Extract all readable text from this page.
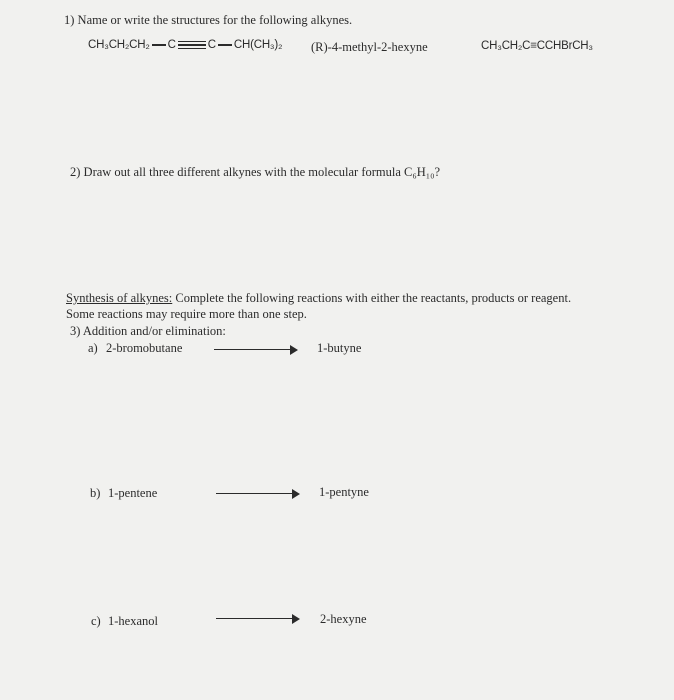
1) Name or write the structures for the following alkynes.
CH₃CH₂CH₂ C	C CH(CH₃)₂ (R)-4-methyl-2-hexyne	CH₃CH₂C≡CCHBrCH₃
2) Draw out all three different alkynes with the molecular formula C₆H₁₀?
Synthesis of alkynes: Complete the following reactions with either the reactants, products or reagent.
Some reactions may require more than one step.
3) Addition and/or elimination:
a) 2-bromobutane	1-butyne
b) 1-pentene	1-pentyne
c) 1-hexanol	2-hexyne
